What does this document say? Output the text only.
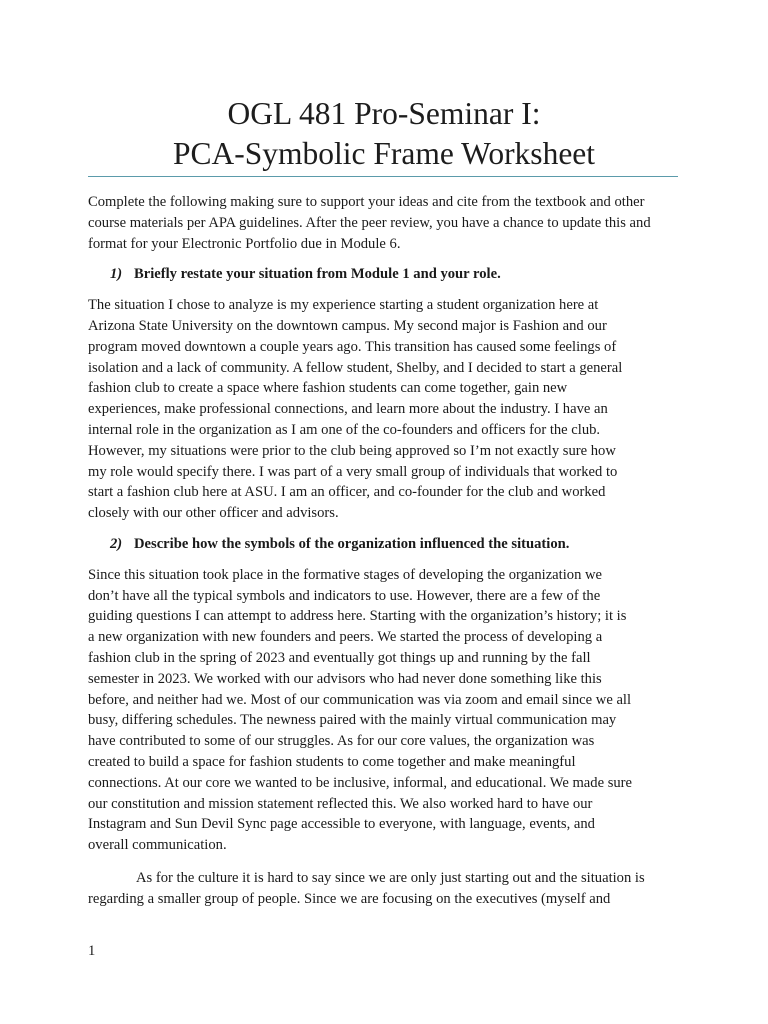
OGL 481 Pro-Seminar I:
PCA-Symbolic Frame Worksheet

Complete the following making sure to support your ideas and cite from the textbook and other
course materials per APA guidelines. After the peer review, you have a chance to update this and
format for your Electronic Portfolio due in Module 6.

1) Briefly restate your situation from Module 1 and your role.

The situation I chose to analyze is my experience starting a student organization here at
Arizona State University on the downtown campus. My second major is Fashion and our
program moved downtown a couple years ago. This transition has caused some feelings of
isolation and a lack of community. A fellow student, Shelby, and I decided to start a general
fashion club to create a space where fashion students can come together, gain new
experiences, make professional connections, and learn more about the industry. I have an
internal role in the organization as I am one of the co-founders and officers for the club.
However, my situations were prior to the club being approved so I’m not exactly sure how
my role would specify there. I was part of a very small group of individuals that worked to
start a fashion club here at ASU. I am an officer, and co-founder for the club and worked
closely with our other officer and advisors.

2) Describe how the symbols of the organization influenced the situation.

Since this situation took place in the formative stages of developing the organization we
don’t have all the typical symbols and indicators to use. However, there are a few of the
guiding questions I can attempt to address here. Starting with the organization’s history; it is
a new organization with new founders and peers. We started the process of developing a
fashion club in the spring of 2023 and eventually got things up and running by the fall
semester in 2023. We worked with our advisors who had never done something like this
before, and neither had we. Most of our communication was via zoom and email since we all
busy, differing schedules. The newness paired with the mainly virtual communication may
have contributed to some of our struggles. As for our core values, the organization was
created to build a space for fashion students to come together and make meaningful
connections. At our core we wanted to be inclusive, informal, and educational. We made sure
our constitution and mission statement reflected this. We also worked hard to have our
Instagram and Sun Devil Sync page accessible to everyone, with language, events, and
overall communication.

As for the culture it is hard to say since we are only just starting out and the situation is
regarding a smaller group of people. Since we are focusing on the executives (myself and

1
